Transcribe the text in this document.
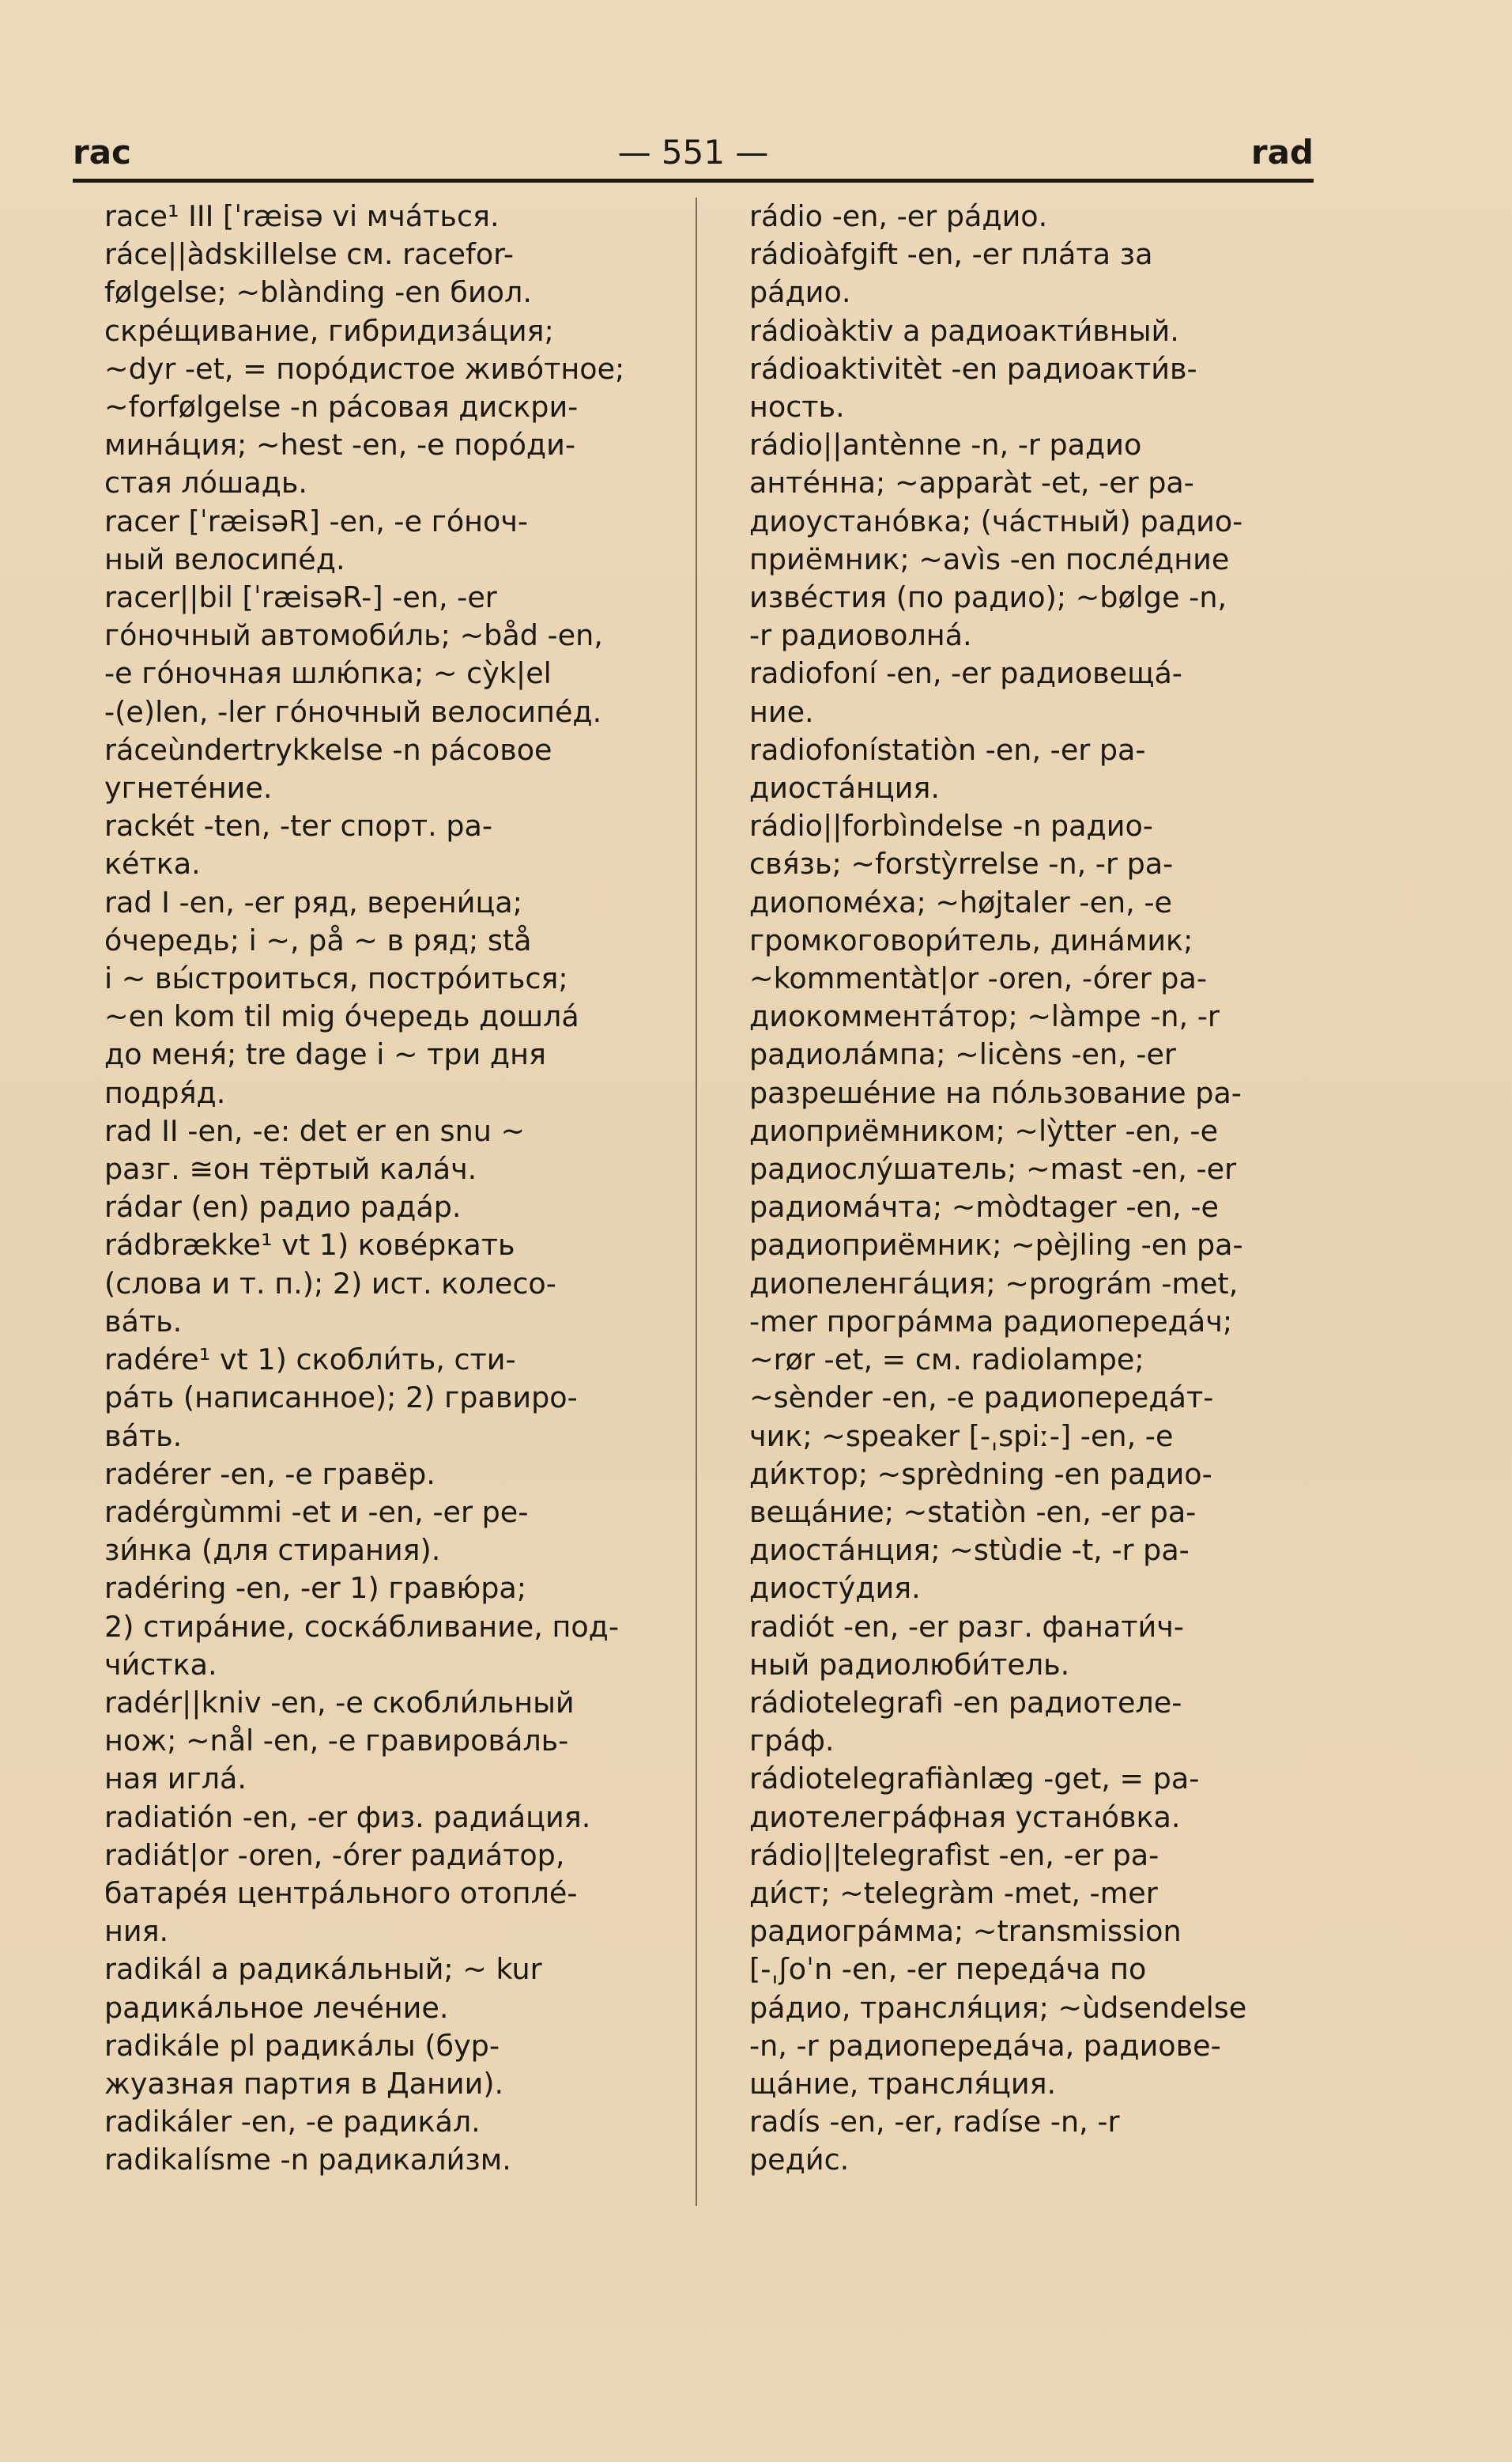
— 551 —
rac	rad

race¹ III [ˈræisə vi мча́ться.

ráce||àdskillelse см. racefor-
følgelse; ~blànding -en биол.
скре́щивание, гибридиза́ция;
~dyr -et, = поро́дистое живо́тное;
~forfølgelse -n ра́совая дискри-
мина́ция; ~hest -en, -e поро́ди-
стая ло́шадь.

racer [ˈræisəR] -en, -e го́ноч-
ный велосипе́д.

racer||bil [ˈræisəR-] -en, -er
го́ночный автомоби́ль; ~båd -en,
-e го́ночная шлю́пка; ~ cỳk|el
-(e)len, -ler го́ночный велосипе́д.

ráceùndertrykkelse -n ра́совое
угнете́ние.

rackét -ten, -ter спорт. ра-
ке́тка.

rad I -en, -er ряд, верени́ца;
о́чередь; i ~, på ~ в ряд; stå
i ~ вы́строиться, постро́иться;
~en kom til mig о́чередь дошла́
до меня́; tre dage i ~ три дня
подря́д.

rad II -en, -e: det er en snu ~
разг. ≅он тёртый кала́ч.

rádar (en) радио рада́р.

rádbrække¹ vt 1) кове́ркать
(слова и т. п.); 2) ист. колесо-
ва́ть.

radére¹ vt 1) скобли́ть, сти-
ра́ть (написанное); 2) гравиро-
ва́ть.

radérer -en, -e гравёр.

radérgùmmi -et и -en, -er ре-
зи́нка (для стирания).

radéring -en, -er 1) гравю́ра;
2) стира́ние, соска́бливание, под-
чи́стка.

radér||kniv -en, -e скобли́льный
нож; ~nål -en, -e гравирова́ль-
ная игла́.

radiatión -en, -er физ. радиа́ция.

radiát|or -oren, -órer радиа́тор,
батаре́я центра́льного отопле́-
ния.

radikál a радика́льный; ~ kur
радика́льное лече́ние.

radikále pl радика́лы (бур-
жуазная партия в Дании).

radikáler -en, -e радика́л.

radikalísme -n радикали́зм.

rádio -en, -er ра́дио.

rádioàfgift -en, -er пла́та за
ра́дио.

rádioàktiv a радиоакти́вный.

rádioaktivitèt -en радиоакти́в-
ность.

rádio||antènne -n, -r радио
анте́нна; ~apparàt -et, -er ра-
диоустано́вка; (ча́стный) радио-
приёмник; ~avìs -en после́дние
изве́стия (по радио); ~bølge -n,
-r радиоволна́.

radiofoní -en, -er радиовеща́-
ние.

radiofonístatiòn -en, -er ра-
диоста́нция.

rádio||forbìndelse -n радио-
свя́зь; ~forstỳrrelse -n, -r ра-
диопоме́ха; ~højtaler -en, -e
громкоговори́тель, дина́мик;
~kommentàt|or -oren, -órer ра-
диокоммента́тор; ~làmpe -n, -r
радиола́мпа; ~licèns -en, -er
разреше́ние на по́льзование ра-
диоприёмником; ~lỳtter -en, -e
радиослу́шатель; ~mast -en, -er
радиома́чта; ~mòdtager -en, -e
радиоприёмник; ~pèjling -en ра-
диопеленга́ция; ~prográm -met,
-mer програ́мма радиопереда́ч;
~rør -et, = см. radiolampe;
~sènder -en, -e радиопереда́т-
чик; ~speaker [-ˌspiː-] -en, -e
ди́ктор; ~sprèdning -en радио-
веща́ние; ~statiòn -en, -er ра-
диоста́нция; ~stùdie -t, -r ра-
диосту́дия.

radiót -en, -er разг. фанати́ч-
ный радиолюби́тель.

rádiotelegrafì -en радиотеле-
гра́ф.

rádiotelegrafiànlæg -get, = ра-
диотелегра́фная устано́вка.

rádio||telegrafìst -en, -er ра-
ди́ст; ~telegràm -met, -mer
радиогра́мма; ~transmission
[-ˌʃoˈn -en, -er переда́ча по
ра́дио, трансля́ция; ~ùdsendelse
-n, -r радиопереда́ча, радиове-
ща́ние, трансля́ция.

radís -en, -er, radíse -n, -r
реди́с.
